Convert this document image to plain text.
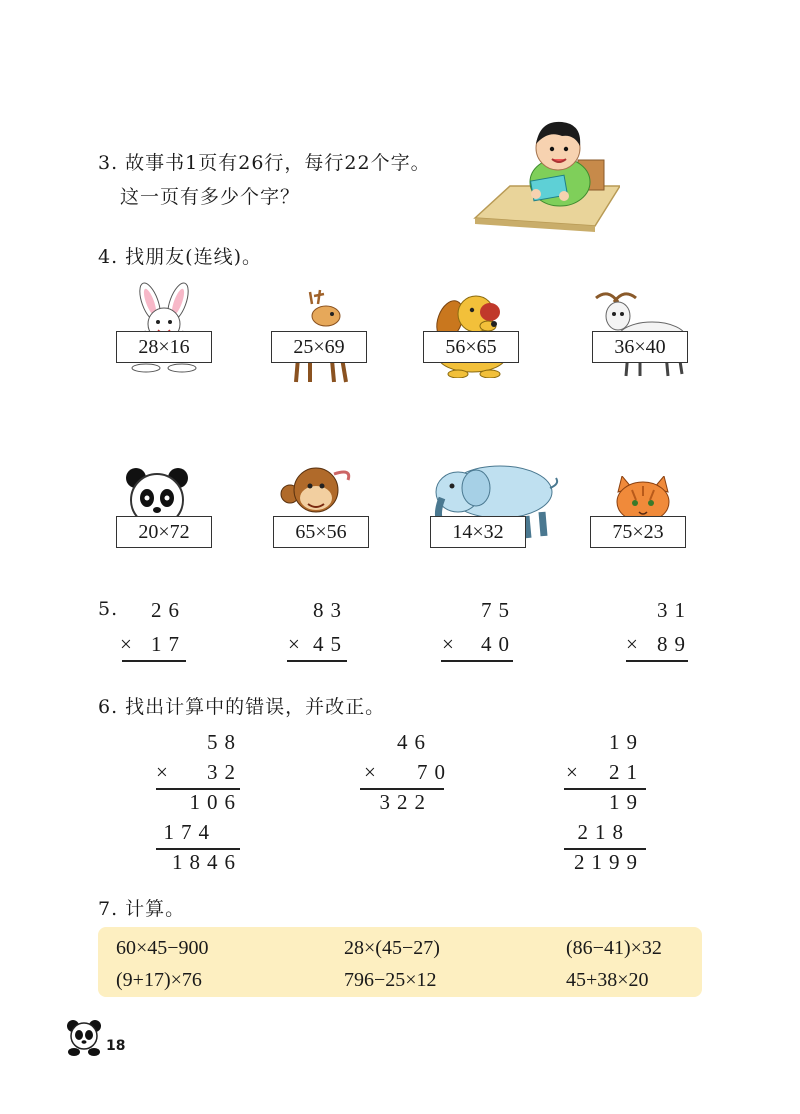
3. 故事书1页有26行，每行22个字。
这一页有多少个字？
4. 找朋友(连线)。
28×16	25×69	56×65	36×40
20×72	65×56	14×32	75×23
5.	26
× 17
83
× 45
75
× 40
31
× 89
6. 找出计算中的错误，并改正。
58
×	32
106
174
1846
46
×	70
322
19
×	21
19
218
2199
7. 计算。
60×45−900	28×(45−27)	(86−41)×32
(9+17)×76	796−25×12	45+38×20
18
